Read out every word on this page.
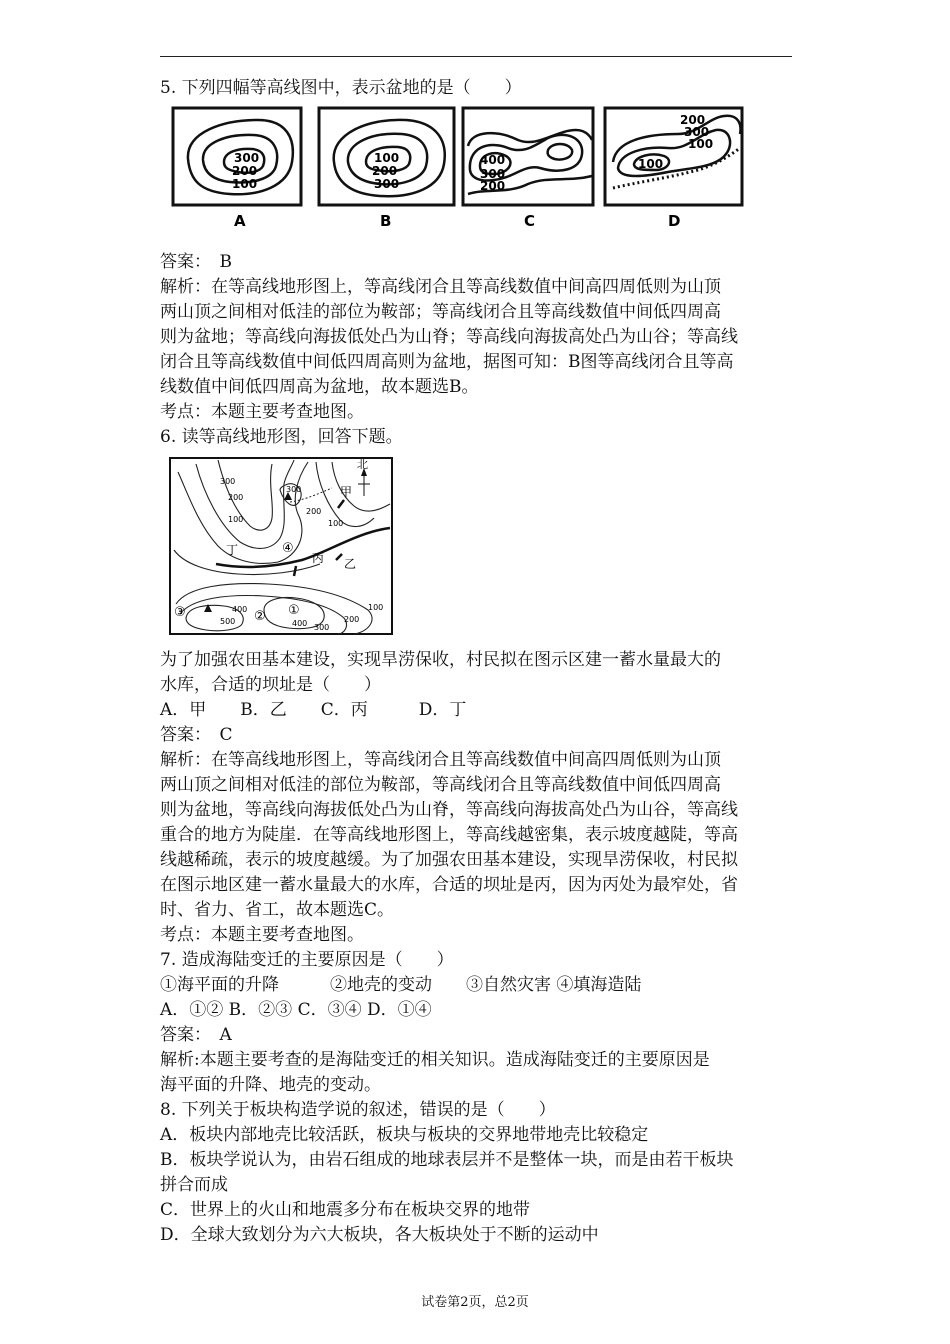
5. 下列四幅等高线图中，表示盆地的是（　　）
300
200
100
A
100
200
300
B
400
300
200
C
100
200
300
100
D
答案：　B
解析：在等高线地形图上，等高线闭合且等高线数值中间高四周低则为山顶
两山顶之间相对低洼的部位为鞍部；等高线闭合且等高线数值中间低四周高
则为盆地；等高线向海拔低处凸为山脊；等高线向海拔高处凸为山谷；等高线
闭合且等高线数值中间低四周高则为盆地，据图可知：B图等高线闭合且等高
线数值中间低四周高为盆地，故本题选B。
考点：本题主要考查地图。
6. 读等高线地形图，回答下题。
北
甲
乙
丙
丁
①
②
③
④
300
200
100
300
200
100
400
500	400 300
200
100
为了加强农田基本建设，实现旱涝保收，村民拟在图示区建一蓄水量最大的
水库，合适的坝址是（　　）
A．甲　　B．乙　　C．丙　　　D．丁
答案：　C
解析：在等高线地形图上，等高线闭合且等高线数值中间高四周低则为山顶
两山顶之间相对低洼的部位为鞍部，等高线闭合且等高线数值中间低四周高
则为盆地，等高线向海拔低处凸为山脊，等高线向海拔高处凸为山谷，等高线
重合的地方为陡崖．在等高线地形图上，等高线越密集，表示坡度越陡，等高
线越稀疏，表示的坡度越缓。为了加强农田基本建设，实现旱涝保收，村民拟
在图示地区建一蓄水量最大的水库，合适的坝址是丙，因为丙处为最窄处，省
时、省力、省工，故本题选C。
考点：本题主要考查地图。
7. 造成海陆变迁的主要原因是（　　）
①海平面的升降　　　②地壳的变动　　③自然灾害 ④填海造陆
A．①② B．②③ C．③④ D．①④
答案：　A
解析:本题主要考查的是海陆变迁的相关知识。造成海陆变迁的主要原因是
海平面的升降、地壳的变动。
8. 下列关于板块构造学说的叙述，错误的是（　　）
A．板块内部地壳比较活跃，板块与板块的交界地带地壳比较稳定
B．板块学说认为，由岩石组成的地球表层并不是整体一块，而是由若干板块
拼合而成
C．世界上的火山和地震多分布在板块交界的地带
D．全球大致划分为六大板块，各大板块处于不断的运动中
试卷第2页，总2页
